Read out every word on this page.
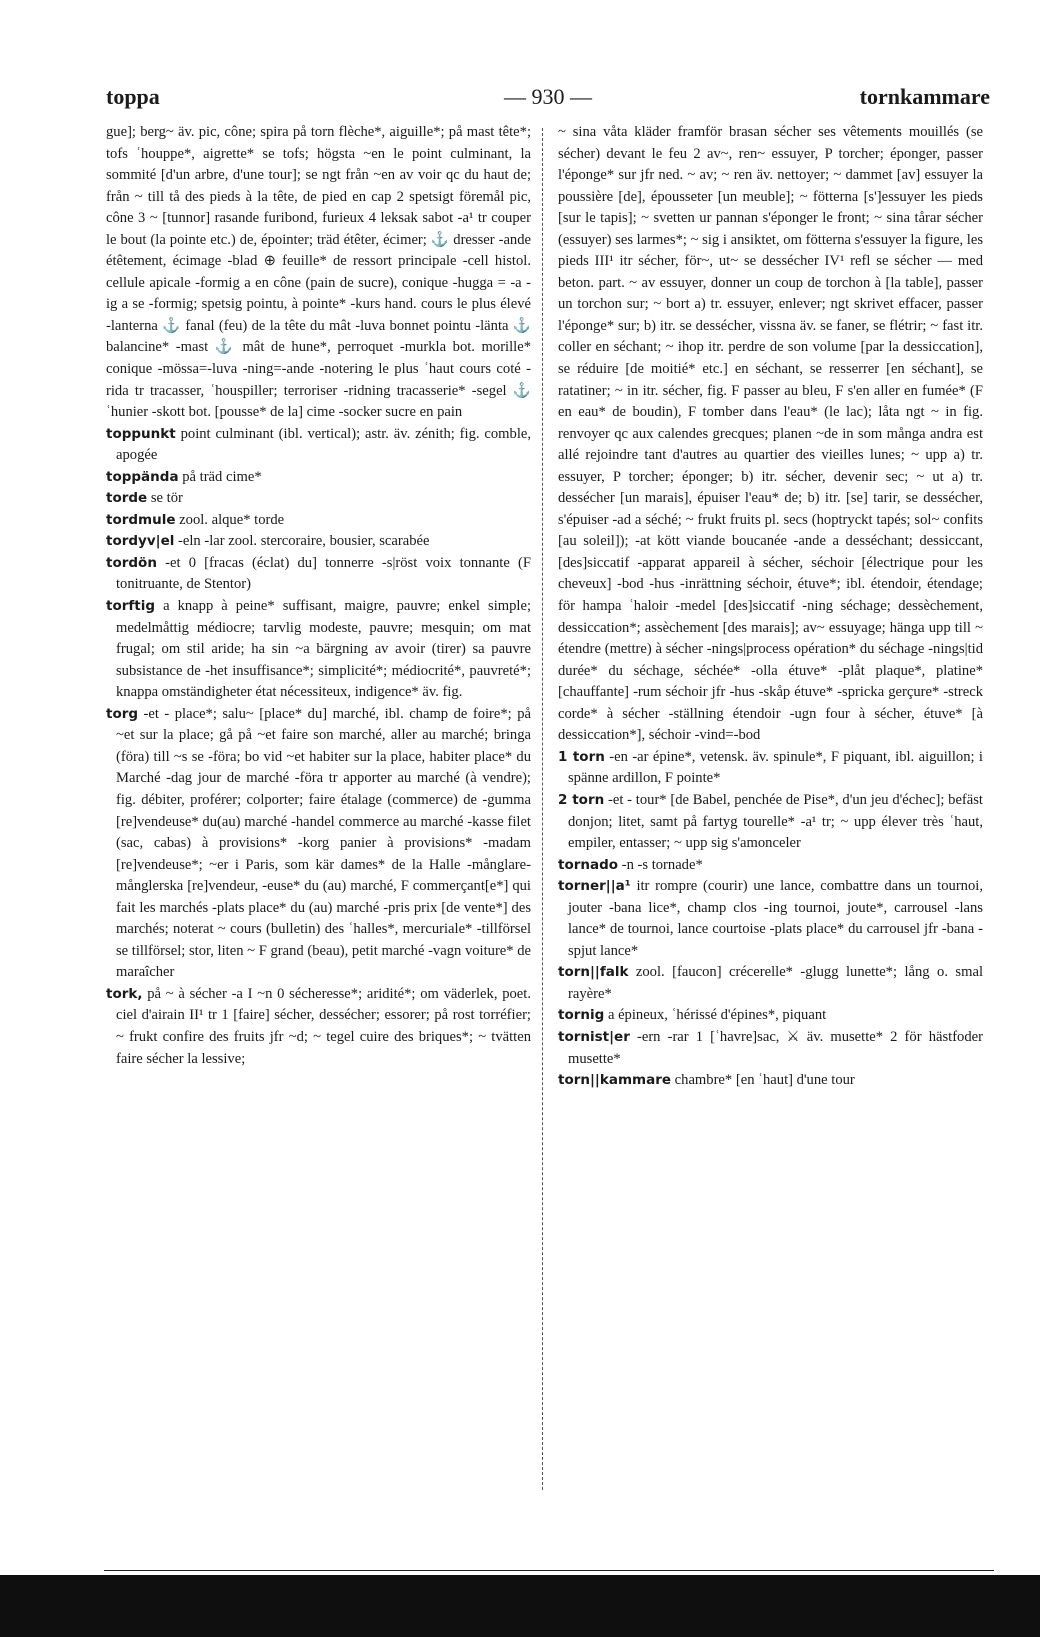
toppa	— 930 —	tornkammare

gue]; berg~ äv. pic, cône; spira på torn flèche*, aiguille*; på mast tête*; tofs ʿhouppe*, aigrette* se tofs; högsta ~en le point culminant, la sommité [d'un arbre, d'une tour]; se ngt från ~en av voir qc du haut de; från ~ till tå des pieds à la tête, de pied en cap 2 spetsigt föremål pic, cône 3 ~ [tunnor] rasande furibond, furieux 4 leksak sabot -a¹ tr couper le bout (la pointe etc.) de, épointer; träd étêter, écimer; ⚓ dresser -ande étêtement, écimage -blad ⊕ feuille* de ressort principale -cell histol. cellule apicale -formig a en cône (pain de sucre), conique -hugga = -a -ig a se -formig; spetsig pointu, à pointe* -kurs hand. cours le plus élevé -lanterna ⚓ fanal (feu) de la tête du mât -luva bonnet pointu -länta ⚓ balancine* -mast ⚓ mât de hune*, perroquet -murkla bot. morille* conique -mössa=-luva -ning=-ande -notering le plus ʿhaut cours coté -rida tr tracasser, ʿhouspiller; terroriser -ridning tracasserie* -segel ⚓ ʿhunier -skott bot. [pousse* de la] cime -socker sucre en pain

toppunkt point culminant (ibl. vertical); astr. äv. zénith; fig. comble, apogée

toppända på träd cime*

torde se tör

tordmule zool. alque* torde

tordyv|el -eln -lar zool. stercoraire, bousier, scarabée

tordön -et 0 [fracas (éclat) du] tonnerre -s|röst voix tonnante (F tonitruante, de Stentor)

torftig a knapp à peine* suffisant, maigre, pauvre; enkel simple; medelmåttig médiocre; tarvlig modeste, pauvre; mesquin; om mat frugal; om stil aride; ha sin ~a bärgning av avoir (tirer) sa pauvre subsistance de -het insuffisance*; simplicité*; médiocrité*, pauvreté*; knappa omständigheter état nécessiteux, indigence* äv. fig.

torg -et - place*; salu~ [place* du] marché, ibl. champ de foire*; på ~et sur la place; gå på ~et faire son marché, aller au marché; bringa (föra) till ~s se -föra; bo vid ~et habiter sur la place, habiter place* du Marché -dag jour de marché -föra tr apporter au marché (à vendre); fig. débiter, proférer; colporter; faire étalage (commerce) de -gumma [re]vendeuse* du(au) marché -handel commerce au marché -kasse filet (sac, cabas) à provisions* -korg panier à provisions* -madam [re]vendeuse*; ~er i Paris, som kär dames* de la Halle -månglare-månglerska [re]vendeur, -euse* du (au) marché, F commerçant[e*] qui fait les marchés -plats place* du (au) marché -pris prix [de vente*] des marchés; noterat ~ cours (bulletin) des ʿhalles*, mercuriale* -tillförsel se tillförsel; stor, liten ~ F grand (beau), petit marché -vagn voiture* de maraîcher

tork, på ~ à sécher -a I ~n 0 sécheresse*; aridité*; om väderlek, poet. ciel d'airain II¹ tr 1 [faire] sécher, dessécher; essorer; på rost torréfier; ~ frukt confire des fruits jfr ~d; ~ tegel cuire des briques*; ~ tvätten faire sécher la lessive;

~ sina våta kläder framför brasan sécher ses vêtements mouillés (se sécher) devant le feu 2 av~, ren~ essuyer, P torcher; éponger, passer l'éponge* sur jfr ned. ~ av; ~ ren äv. nettoyer; ~ dammet [av] essuyer la poussière [de], épousseter [un meuble]; ~ fötterna [s']essuyer les pieds [sur le tapis]; ~ svetten ur pannan s'éponger le front; ~ sina tårar sécher (essuyer) ses larmes*; ~ sig i ansiktet, om fötterna s'essuyer la figure, les pieds III¹ itr sécher, för~, ut~ se dessécher IV¹ refl se sécher — med beton. part. ~ av essuyer, donner un coup de torchon à [la table], passer un torchon sur; ~ bort a) tr. essuyer, enlever; ngt skrivet effacer, passer l'éponge* sur; b) itr. se dessécher, vissna äv. se faner, se flétrir; ~ fast itr. coller en séchant; ~ ihop itr. perdre de son volume [par la dessiccation], se réduire [de moitié* etc.] en séchant, se resserrer [en séchant], se ratatiner; ~ in itr. sécher, fig. F passer au bleu, F s'en aller en fumée* (F en eau* de boudin), F tomber dans l'eau* (le lac); låta ngt ~ in fig. renvoyer qc aux calendes grecques; planen ~de in som många andra est allé rejoindre tant d'autres au quartier des vieilles lunes; ~ upp a) tr. essuyer, P torcher; éponger; b) itr. sécher, devenir sec; ~ ut a) tr. dessécher [un marais], épuiser l'eau* de; b) itr. [se] tarir, se dessécher, s'épuiser -ad a séché; ~ frukt fruits pl. secs (hoptryckt tapés; sol~ confits [au soleil]); -at kött viande boucanée -ande a desséchant; dessiccant, [des]siccatif -apparat appareil à sécher, séchoir [électrique pour les cheveux] -bod -hus -inrättning séchoir, étuve*; ibl. étendoir, étendage; för hampa ʿhaloir -medel [des]siccatif -ning séchage; dessèchement, dessiccation*; assèchement [des marais]; av~ essuyage; hänga upp till ~ étendre (mettre) à sécher -nings|process opération* du séchage -nings|tid durée* du séchage, séchée* -olla étuve* -plåt plaque*, platine* [chauffante] -rum séchoir jfr -hus -skåp étuve* -spricka gerçure* -streck corde* à sécher -ställning étendoir -ugn four à sécher, étuve* [à dessiccation*], séchoir -vind=-bod

1 torn -en -ar épine*, vetensk. äv. spinule*, F piquant, ibl. aiguillon; i spänne ardillon, F pointe*

2 torn -et - tour* [de Babel, penchée de Pise*, d'un jeu d'échec]; befäst donjon; litet, samt på fartyg tourelle* -a¹ tr; ~ upp élever très ʿhaut, empiler, entasser; ~ upp sig s'amonceler

tornado -n -s tornade*

torner||a¹ itr rompre (courir) une lance, combattre dans un tournoi, jouter -bana lice*, champ clos -ing tournoi, joute*, carrousel -lans lance* de tournoi, lance courtoise -plats place* du carrousel jfr -bana -spjut lance*

torn||falk zool. [faucon] crécerelle* -glugg lunette*; lång o. smal rayère*

tornig a épineux, ʿhérissé d'épines*, piquant

tornist|er -ern -rar 1 [ʿhavre]sac, ⚔ äv. musette* 2 för hästfoder musette*

torn||kammare chambre* [en ʿhaut] d'une tour
